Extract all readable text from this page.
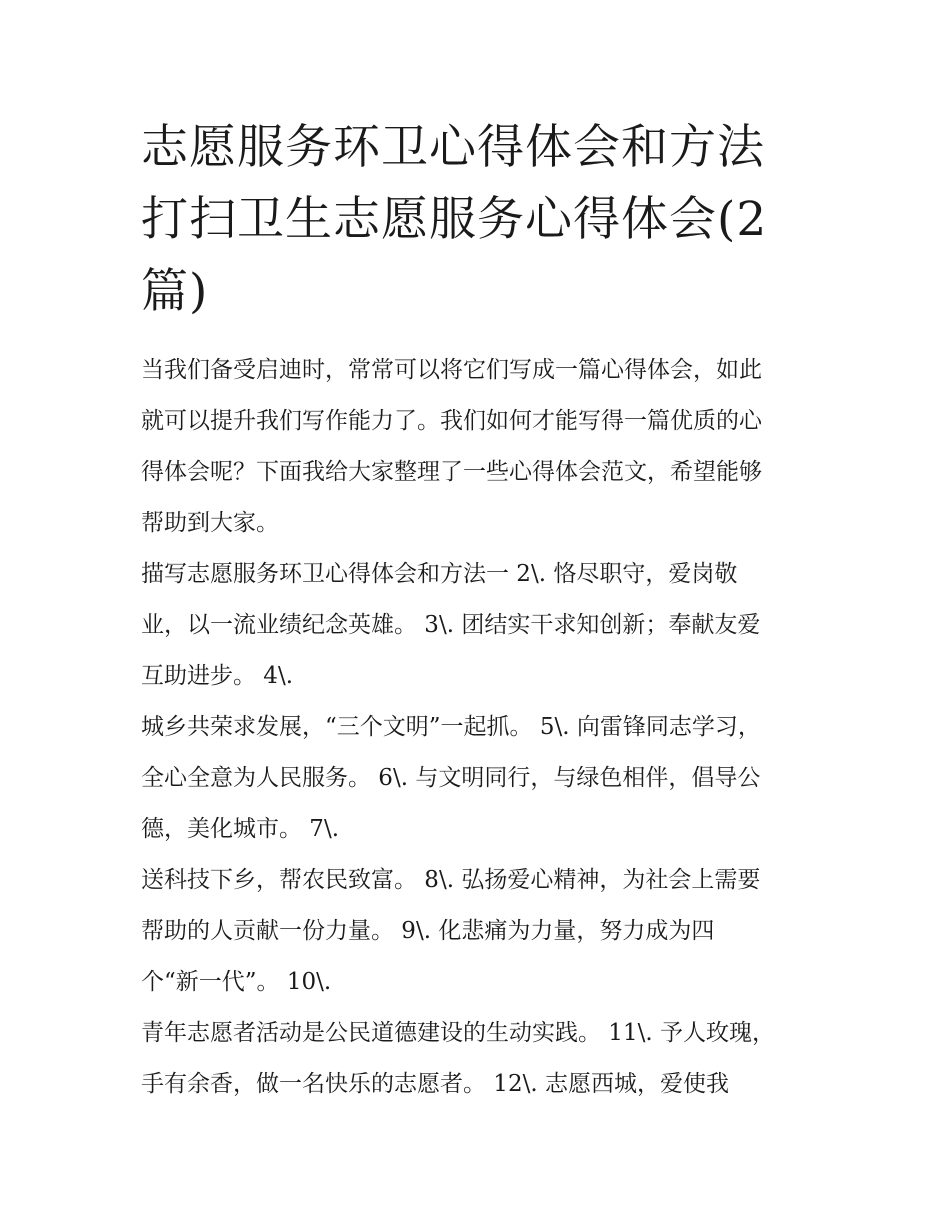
志愿服务环卫心得体会和方法
打扫卫生志愿服务心得体会(2
篇)

当我们备受启迪时，常常可以将它们写成一篇心得体会，如此
就可以提升我们写作能力了。我们如何才能写得一篇优质的心
得体会呢？下面我给大家整理了一些心得体会范文，希望能够
帮助到大家。

描写志愿服务环卫心得体会和方法一 2\. 恪尽职守，爱岗敬
业，以一流业绩纪念英雄。 3\. 团结实干求知创新；奉献友爱
互助进步。 4\.

城乡共荣求发展，“三个文明”一起抓。 5\. 向雷锋同志学习，
全心全意为人民服务。 6\. 与文明同行，与绿色相伴，倡导公
德，美化城市。 7\.

送科技下乡，帮农民致富。 8\. 弘扬爱心精神，为社会上需要
帮助的人贡献一份力量。 9\. 化悲痛为力量，努力成为四
个“新一代”。 10\.

青年志愿者活动是公民道德建设的生动实践。 11\. 予人玫瑰，
手有余香，做一名快乐的志愿者。 12\. 志愿西城，爱使我
